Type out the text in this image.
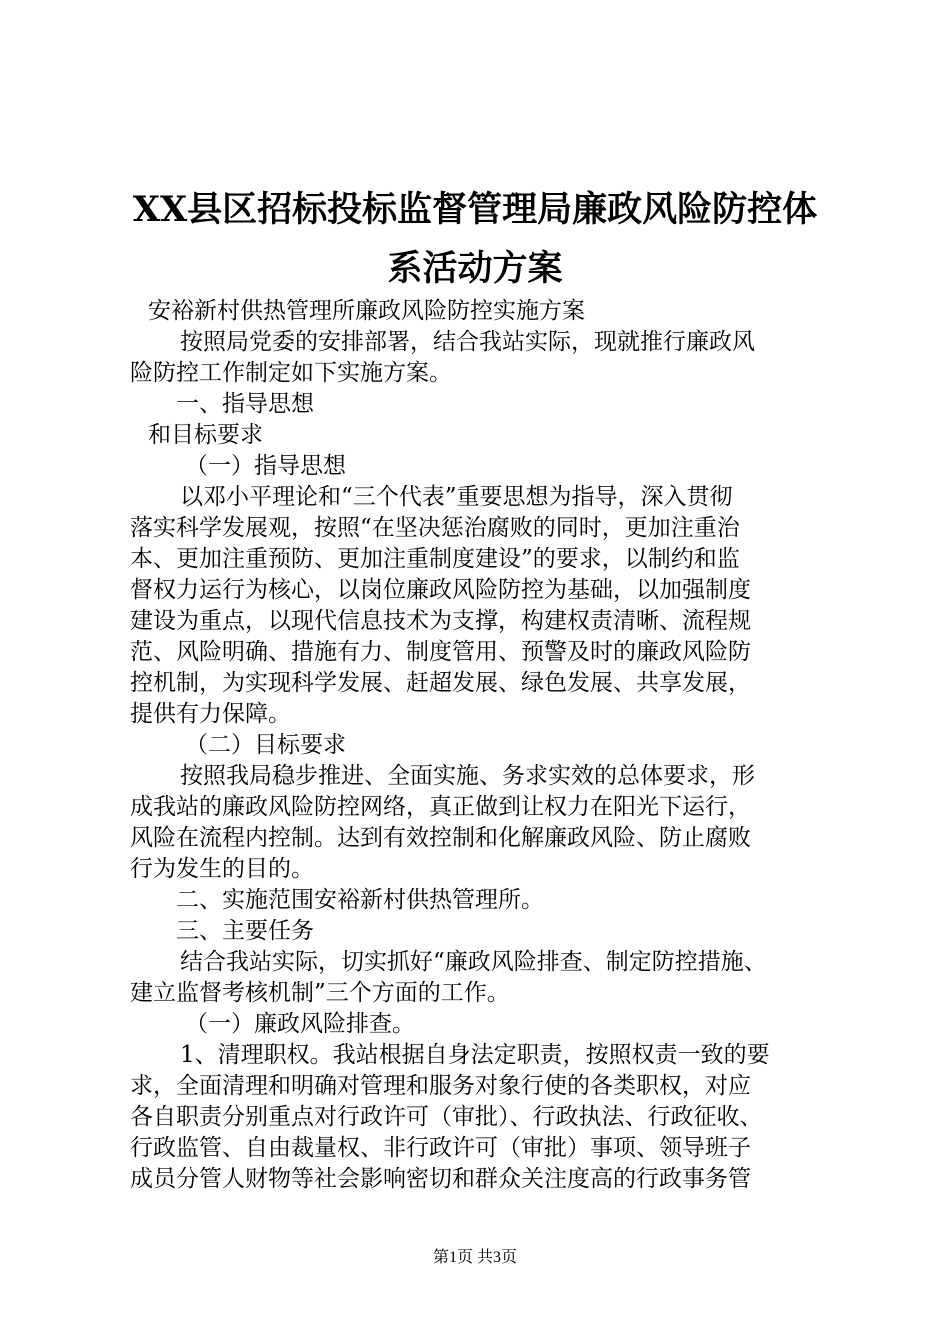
XX县区招标投标监督管理局廉政风险防控体
系活动方案

安裕新村供热管理所廉政风险防控实施方案

按照局党委的安排部署，结合我站实际，现就推行廉政风

险防控工作制定如下实施方案。

一、指导思想

和目标要求

（一）指导思想

以邓小平理论和“三个代表”重要思想为指导，深入贯彻

落实科学发展观，按照“在坚决惩治腐败的同时，更加注重治

本、更加注重预防、更加注重制度建设”的要求，以制约和监

督权力运行为核心，以岗位廉政风险防控为基础，以加强制度

建设为重点，以现代信息技术为支撑，构建权责清晰、流程规

范、风险明确、措施有力、制度管用、预警及时的廉政风险防

控机制，为实现科学发展、赶超发展、绿色发展、共享发展，

提供有力保障。

（二）目标要求

按照我局稳步推进、全面实施、务求实效的总体要求，形

成我站的廉政风险防控网络，真正做到让权力在阳光下运行，

风险在流程内控制。达到有效控制和化解廉政风险、防止腐败

行为发生的目的。

二、实施范围安裕新村供热管理所。

三、主要任务

结合我站实际，切实抓好“廉政风险排查、制定防控措施、

建立监督考核机制”三个方面的工作。

（一）廉政风险排查。

1、清理职权。我站根据自身法定职责，按照权责一致的要

求，全面清理和明确对管理和服务对象行使的各类职权，对应

各自职责分别重点对行政许可（审批）、行政执法、行政征收、

行政监管、自由裁量权、非行政许可（审批）事项、领导班子

成员分管人财物等社会影响密切和群众关注度高的行政事务管

第1页 共3页
